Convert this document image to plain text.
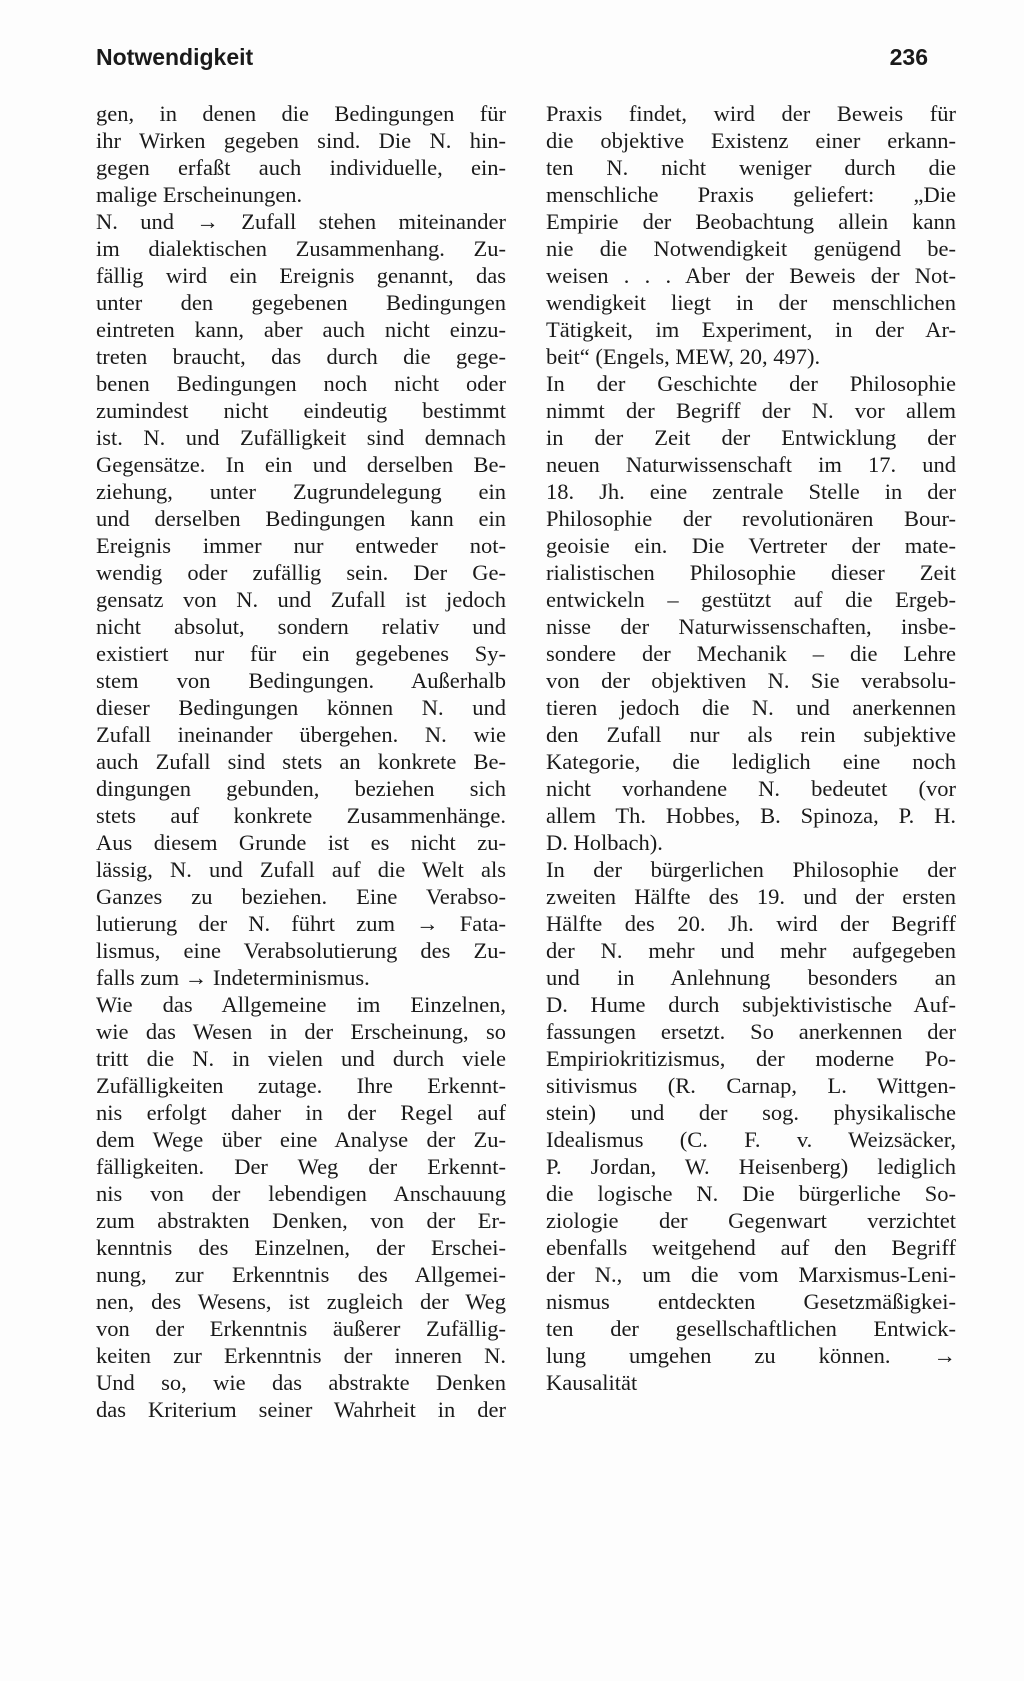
Notwendigkeit	236
gen, in denen die Bedingungen für
ihr Wirken gegeben sind. Die N. hin-
gegen erfaßt auch individuelle, ein-
malige Erscheinungen.
N. und → Zufall stehen miteinander
im dialektischen Zusammenhang. Zu-
fällig wird ein Ereignis genannt, das
unter den gegebenen Bedingungen
eintreten kann, aber auch nicht einzu-
treten braucht, das durch die gege-
benen Bedingungen noch nicht oder
zumindest nicht eindeutig bestimmt
ist. N. und Zufälligkeit sind demnach
Gegensätze. In ein und derselben Be-
ziehung, unter Zugrundelegung ein
und derselben Bedingungen kann ein
Ereignis immer nur entweder not-
wendig oder zufällig sein. Der Ge-
gensatz von N. und Zufall ist jedoch
nicht absolut, sondern relativ und
existiert nur für ein gegebenes Sy-
stem von Bedingungen. Außerhalb
dieser Bedingungen können N. und
Zufall ineinander übergehen. N. wie
auch Zufall sind stets an konkrete Be-
dingungen gebunden, beziehen sich
stets auf konkrete Zusammenhänge.
Aus diesem Grunde ist es nicht zu-
lässig, N. und Zufall auf die Welt als
Ganzes zu beziehen. Eine Verabso-
lutierung der N. führt zum → Fata-
lismus, eine Verabsolutierung des Zu-
falls zum → Indeterminismus.
Wie das Allgemeine im Einzelnen,
wie das Wesen in der Erscheinung, so
tritt die N. in vielen und durch viele
Zufälligkeiten zutage. Ihre Erkennt-
nis erfolgt daher in der Regel auf
dem Wege über eine Analyse der Zu-
fälligkeiten. Der Weg der Erkennt-
nis von der lebendigen Anschauung
zum abstrakten Denken, von der Er-
kenntnis des Einzelnen, der Erschei-
nung, zur Erkenntnis des Allgemei-
nen, des Wesens, ist zugleich der Weg
von der Erkenntnis äußerer Zufällig-
keiten zur Erkenntnis der inneren N.
Und so, wie das abstrakte Denken
das Kriterium seiner Wahrheit in der
Praxis findet, wird der Beweis für
die objektive Existenz einer erkann-
ten N. nicht weniger durch die
menschliche Praxis geliefert: „Die
Empirie der Beobachtung allein kann
nie die Notwendigkeit genügend be-
weisen . . . Aber der Beweis der Not-
wendigkeit liegt in der menschlichen
Tätigkeit, im Experiment, in der Ar-
beit“ (Engels, MEW, 20, 497).
In der Geschichte der Philosophie
nimmt der Begriff der N. vor allem
in der Zeit der Entwicklung der
neuen Naturwissenschaft im 17. und
18. Jh. eine zentrale Stelle in der
Philosophie der revolutionären Bour-
geoisie ein. Die Vertreter der mate-
rialistischen Philosophie dieser Zeit
entwickeln – gestützt auf die Ergeb-
nisse der Naturwissenschaften, insbe-
sondere der Mechanik – die Lehre
von der objektiven N. Sie verabsolu-
tieren jedoch die N. und anerkennen
den Zufall nur als rein subjektive
Kategorie, die lediglich eine noch
nicht vorhandene N. bedeutet (vor
allem Th. Hobbes, B. Spinoza, P. H.
D. Holbach).
In der bürgerlichen Philosophie der
zweiten Hälfte des 19. und der ersten
Hälfte des 20. Jh. wird der Begriff
der N. mehr und mehr aufgegeben
und in Anlehnung besonders an
D. Hume durch subjektivistische Auf-
fassungen ersetzt. So anerkennen der
Empiriokritizismus, der moderne Po-
sitivismus (R. Carnap, L. Wittgen-
stein) und der sog. physikalische
Idealismus (C. F. v. Weizsäcker,
P. Jordan, W. Heisenberg) lediglich
die logische N. Die bürgerliche So-
ziologie der Gegenwart verzichtet
ebenfalls weitgehend auf den Begriff
der N., um die vom Marxismus-Leni-
nismus entdeckten Gesetzmäßigkei-
ten der gesellschaftlichen Entwick-
lung umgehen zu können. →
Kausalität
